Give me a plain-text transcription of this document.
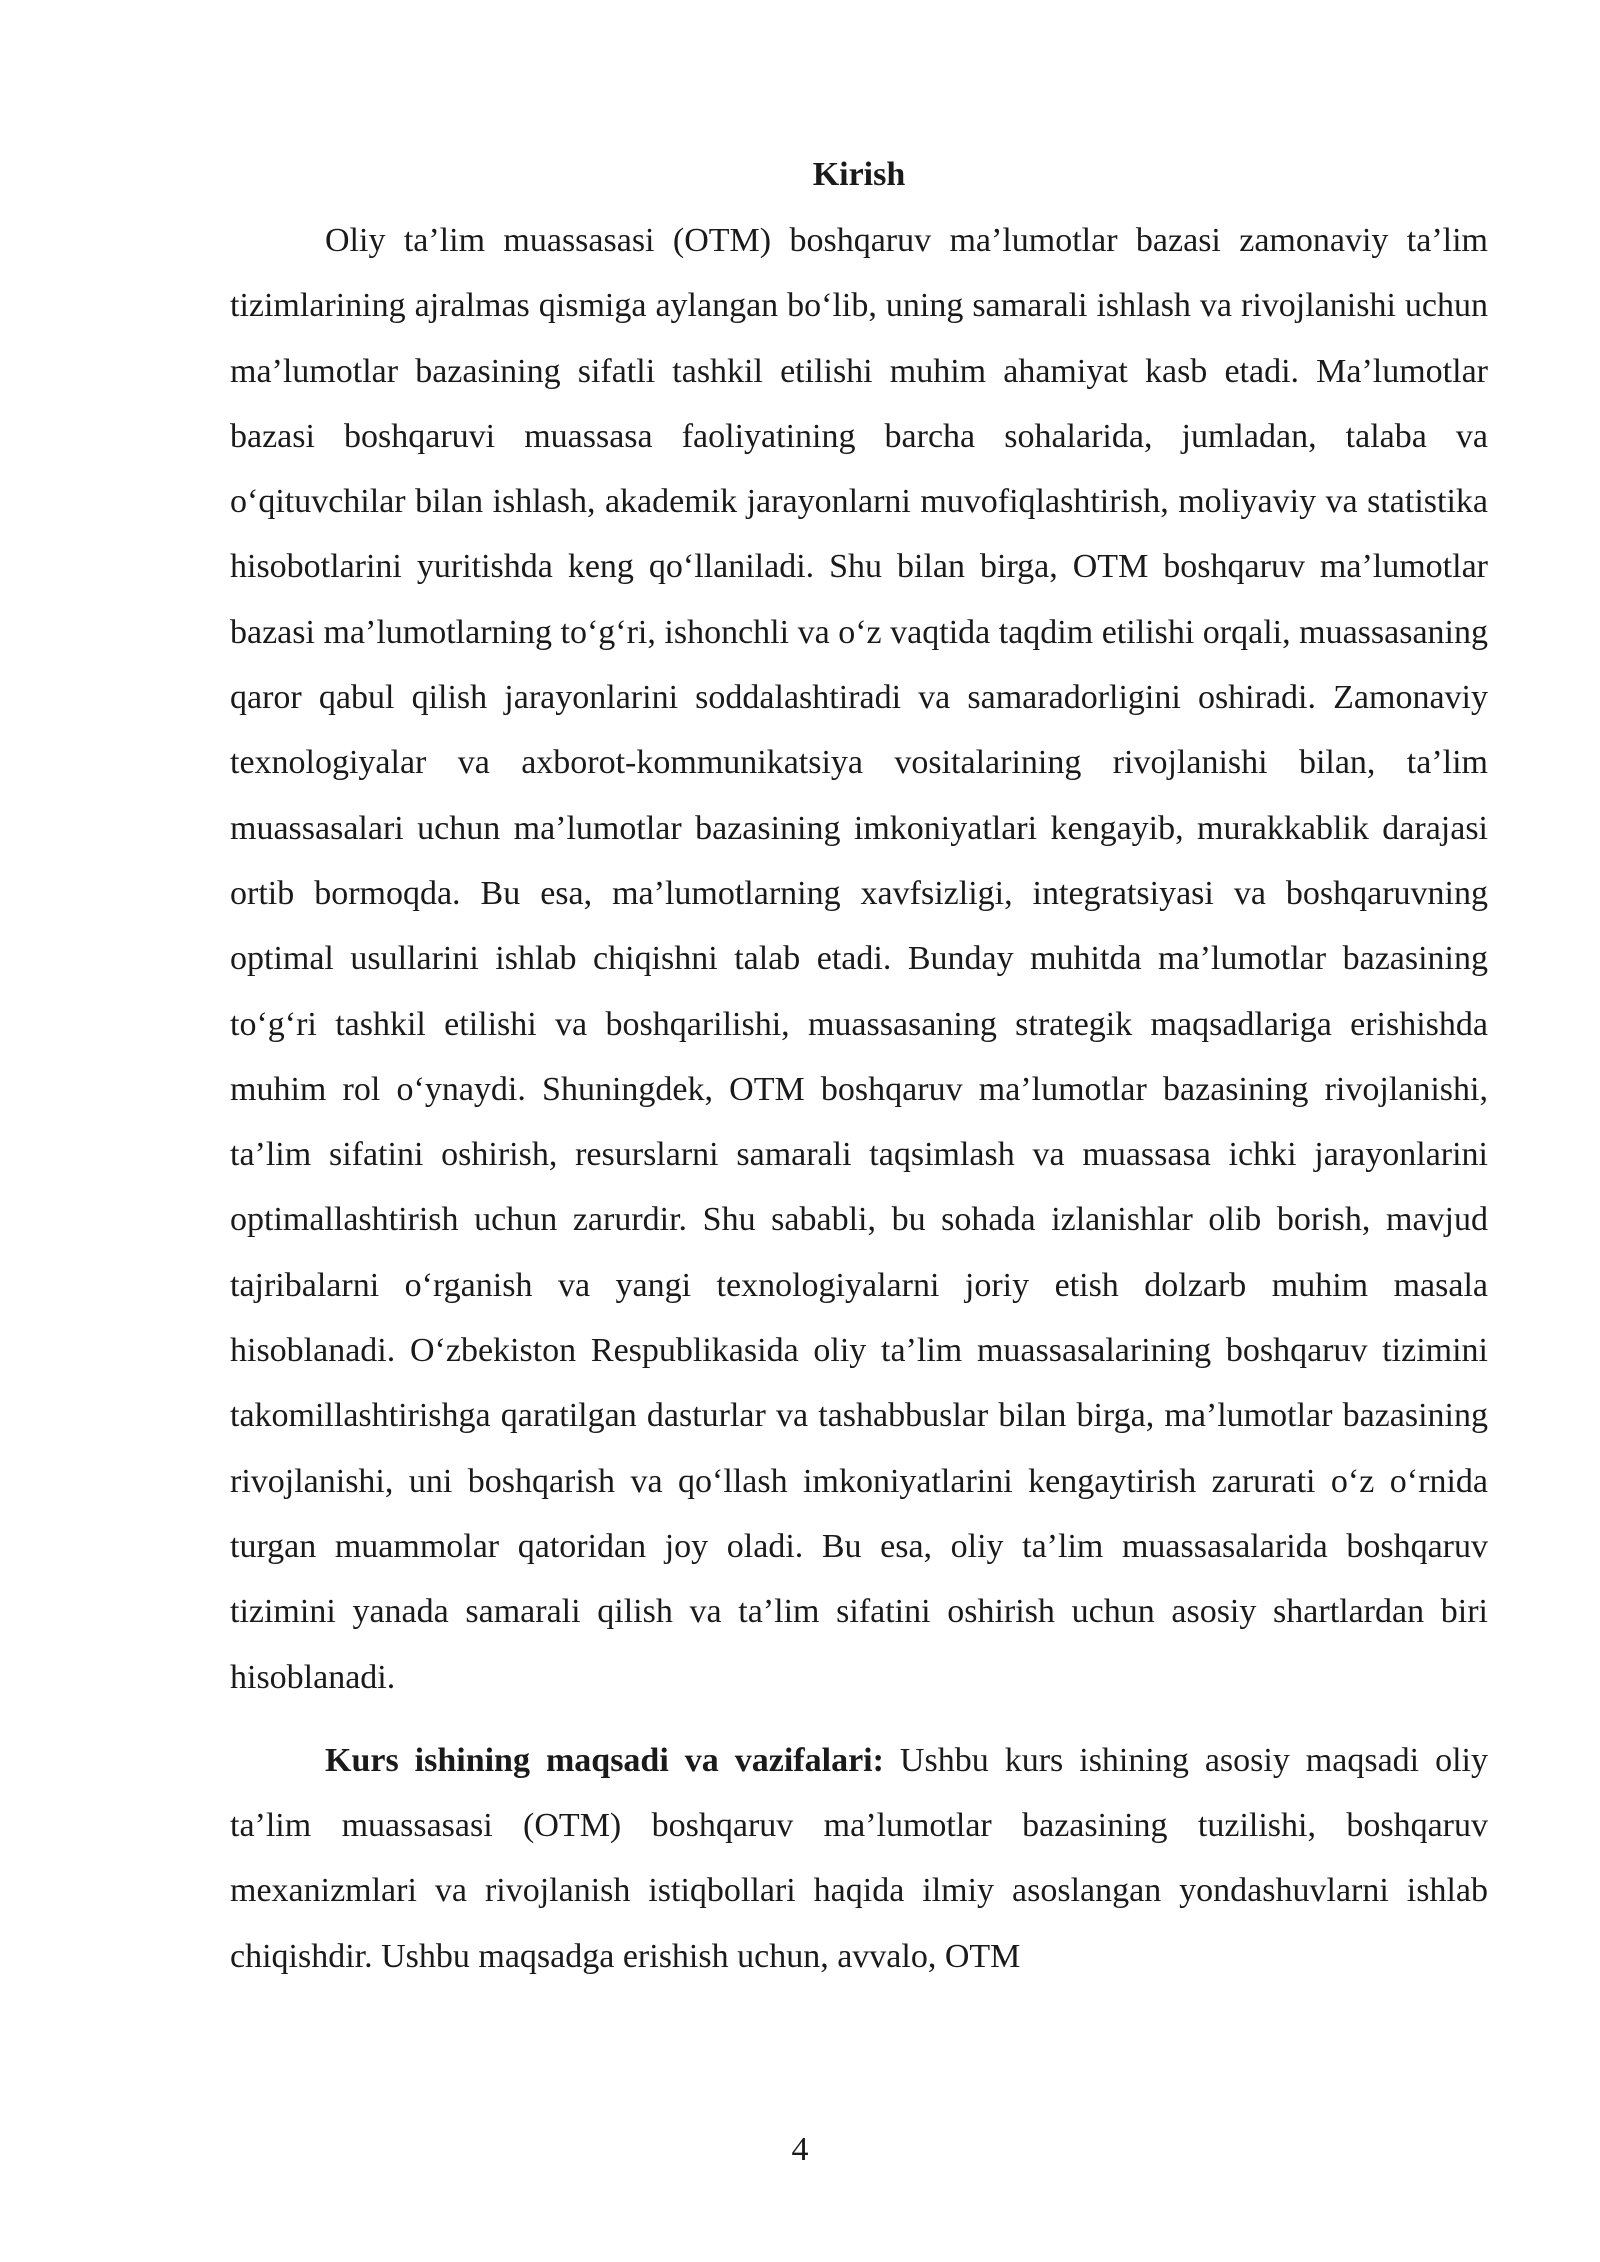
Kirish

Oliy ta’lim muassasasi (OTM) boshqaruv ma’lumotlar bazasi zamonaviy ta’lim tizimlarining ajralmas qismiga aylangan bo‘lib, uning samarali ishlash va rivojlanishi uchun ma’lumotlar bazasining sifatli tashkil etilishi muhim ahamiyat kasb etadi. Ma’lumotlar bazasi boshqaruvi muassasa faoliyatining barcha sohalarida, jumladan, talaba va o‘qituvchilar bilan ishlash, akademik jarayonlarni muvofiqlashtirish, moliyaviy va statistika hisobotlarini yuritishda keng qo‘llaniladi. Shu bilan birga, OTM boshqaruv ma’lumotlar bazasi ma’lumotlarning to‘g‘ri, ishonchli va o‘z vaqtida taqdim etilishi orqali, muassasaning qaror qabul qilish jarayonlarini soddalashtiradi va samaradorligini oshiradi. Zamonaviy texnologiyalar va axborot-kommunikatsiya vositalarining rivojlanishi bilan, ta’lim muassasalari uchun ma’lumotlar bazasining imkoniyatlari kengayib, murakkablik darajasi ortib bormoqda. Bu esa, ma’lumotlarning xavfsizligi, integratsiyasi va boshqaruvning optimal usullarini ishlab chiqishni talab etadi. Bunday muhitda ma’lumotlar bazasining to‘g‘ri tashkil etilishi va boshqarilishi, muassasaning strategik maqsadlariga erishishda muhim rol o‘ynaydi. Shuningdek, OTM boshqaruv ma’lumotlar bazasining rivojlanishi, ta’lim sifatini oshirish, resurslarni samarali taqsimlash va muassasa ichki jarayonlarini optimallashtirish uchun zarurdir. Shu sababli, bu sohada izlanishlar olib borish, mavjud tajribalarni o‘rganish va yangi texnologiyalarni joriy etish dolzarb muhim masala hisoblanadi. O‘zbekiston Respublikasida oliy ta’lim muassasalarining boshqaruv tizimini takomillashtirishga qaratilgan dasturlar va tashabbuslar bilan birga, ma’lumotlar bazasining rivojlanishi, uni boshqarish va qo‘llash imkoniyatlarini kengaytirish zarurati o‘z o‘rnida turgan muammolar qatoridan joy oladi. Bu esa, oliy ta’lim muassasalarida boshqaruv tizimini yanada samarali qilish va ta’lim sifatini oshirish uchun asosiy shartlardan biri hisoblanadi.

Kurs ishining maqsadi va vazifalari: Ushbu kurs ishining asosiy maqsadi oliy ta’lim muassasasi (OTM) boshqaruv ma’lumotlar bazasining tuzilishi, boshqaruv mexanizmlari va rivojlanish istiqbollari haqida ilmiy asoslangan yondashuvlarni ishlab chiqishdir. Ushbu maqsadga erishish uchun, avvalo, OTM

4
